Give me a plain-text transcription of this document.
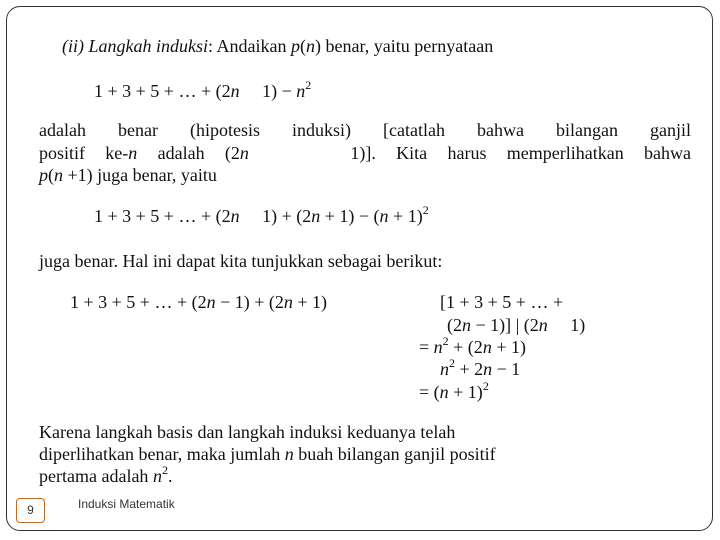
(ii) Langkah induksi: Andaikan p(n) benar, yaitu pernyataan
1 + 3 + 5 + … + (2n     $1) - n^2$
adalah benar (hipotesis induksi) [catatlah bahwa bilangan ganjil
positif ke-n adalah (2n     1)]. Kita harus memperlihatkan bahwa
p(n +1) juga benar, yaitu
1 + 3 + 5 + … + (2n     $1) + (2n + 1) - (n + 1)^2$
juga benar. Hal ini dapat kita tunjukkan sebagai berikut:
1 + 3 + 5 + … + (2n − 1) + (2n + 1)	[1 + 3 + 5 + … +
(2n − 1)] | (2n     1)
= $n^2 + (2n + 1)$
$n^2 + 2n - 1$
= $(n + 1)^2$
Karena langkah basis dan langkah induksi keduanya telah
diperlihatkan benar, maka jumlah n buah bilangan ganjil positif
pertama adalah $n^2$.
9	Induksi Matematik
